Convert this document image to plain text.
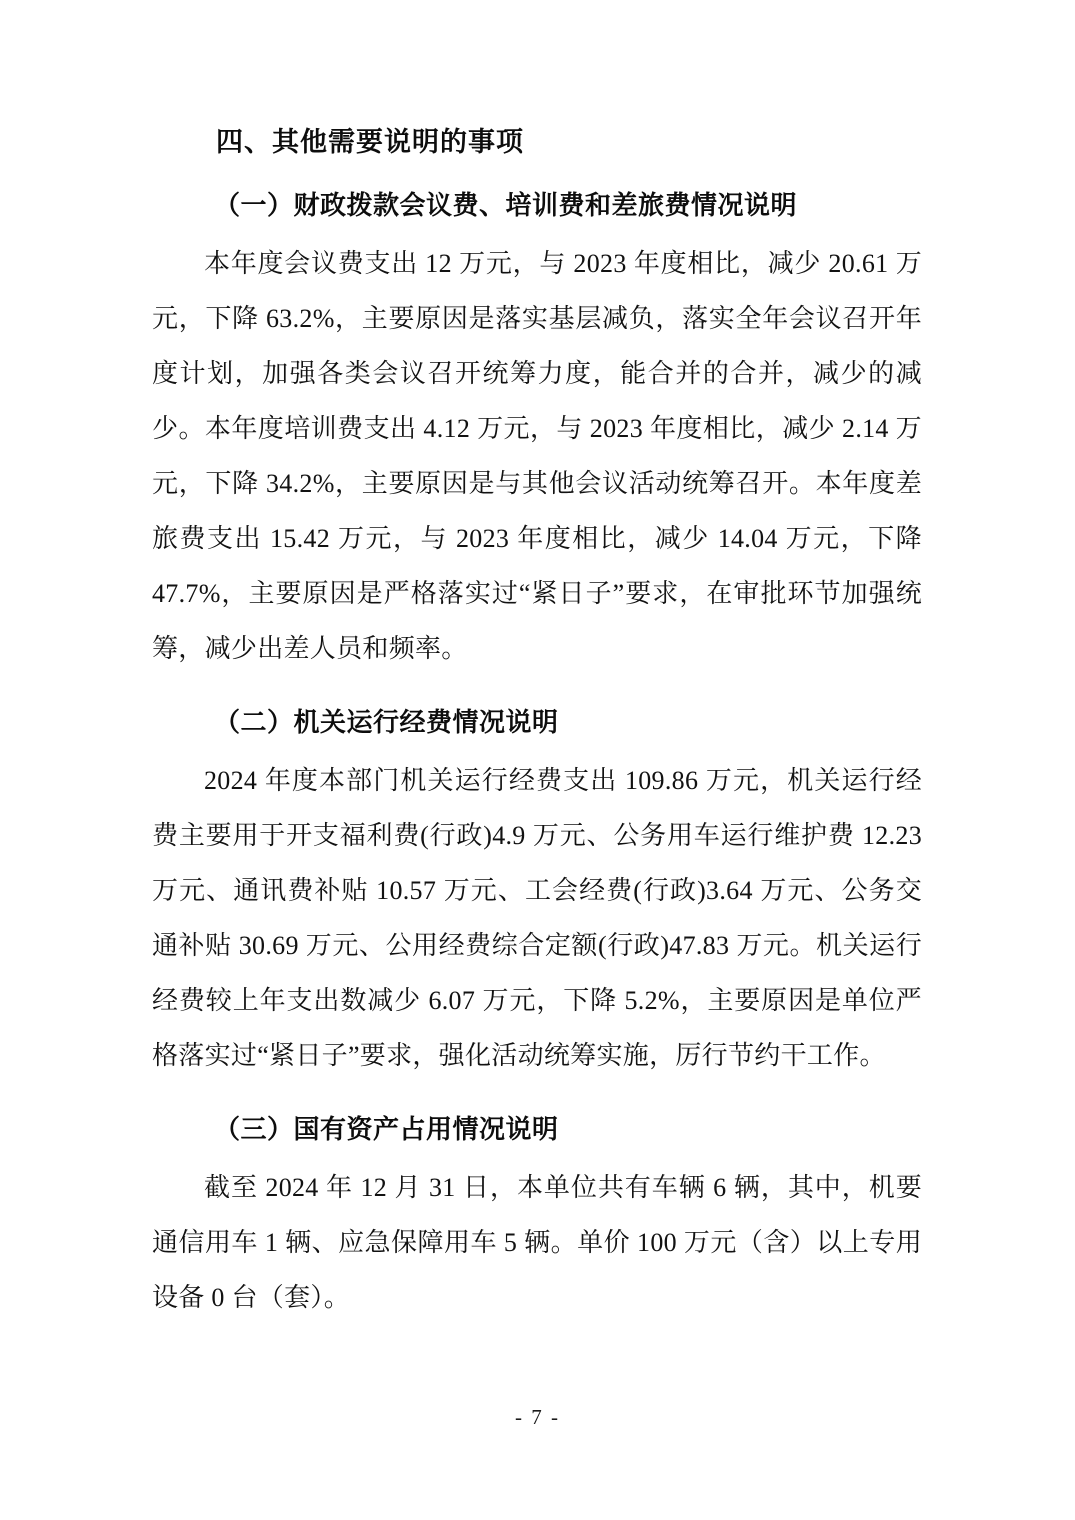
四、其他需要说明的事项
（一）财政拨款会议费、培训费和差旅费情况说明

本年度会议费支出 12 万元，与 2023 年度相比，减少 20.61 万元，下降 63.2%，主要原因是落实基层减负，落实全年会议召开年度计划，加强各类会议召开统筹力度，能合并的合并，减少的减少。本年度培训费支出 4.12 万元，与 2023 年度相比，减少 2.14 万元，下降 34.2%，主要原因是与其他会议活动统筹召开。本年度差旅费支出 15.42 万元，与 2023 年度相比，减少 14.04 万元，下降 47.7%，主要原因是严格落实过“紧日子”要求，在审批环节加强统筹，减少出差人员和频率。

（二）机关运行经费情况说明

2024 年度本部门机关运行经费支出 109.86 万元，机关运行经费主要用于开支福利费(行政)4.9 万元、公务用车运行维护费 12.23 万元、通讯费补贴 10.57 万元、工会经费(行政)3.64 万元、公务交通补贴 30.69 万元、公用经费综合定额(行政)47.83 万元。机关运行经费较上年支出数减少 6.07 万元，下降 5.2%，主要原因是单位严格落实过“紧日子”要求，强化活动统筹实施，厉行节约干工作。

（三）国有资产占用情况说明

截至 2024 年 12 月 31 日，本单位共有车辆 6 辆，其中，机要通信用车 1 辆、应急保障用车 5 辆。单价 100 万元（含）以上专用设备 0 台（套）。

- 7 -
